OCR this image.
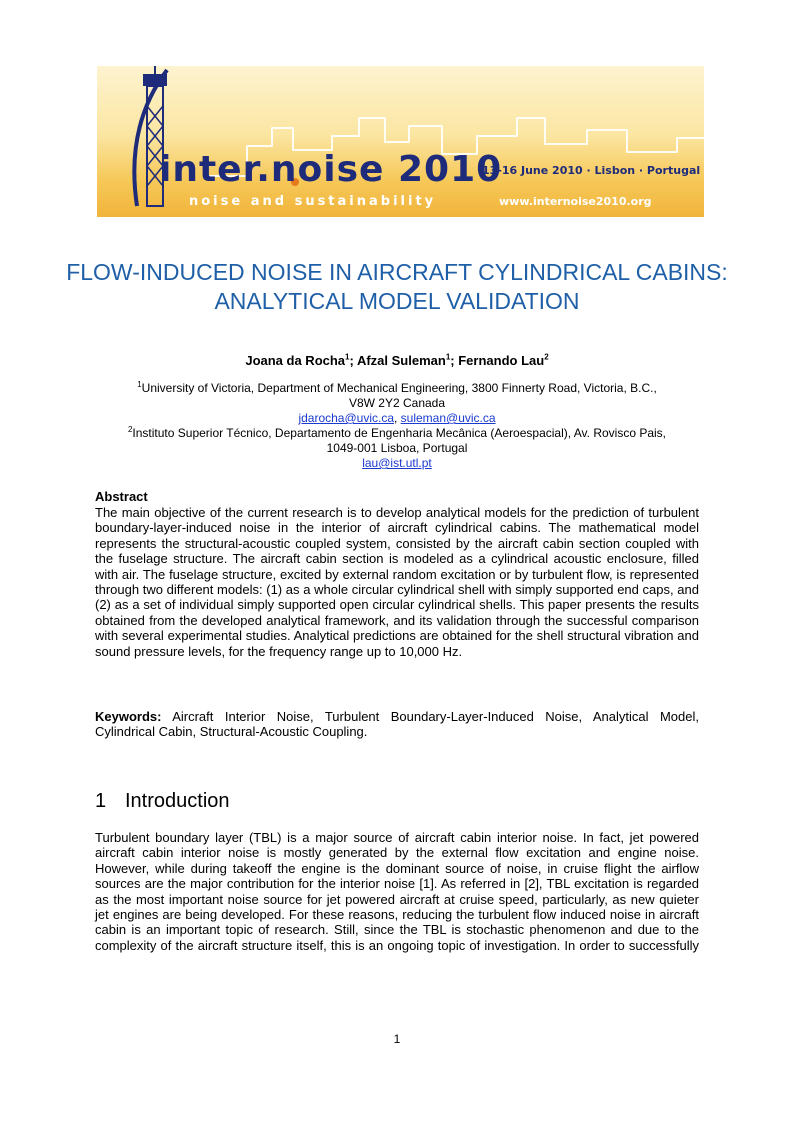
inter.noise 2010

noise and sustainability

13-16 June 2010 · Lisbon · Portugal

www.internoise2010.org

FLOW-INDUCED NOISE IN AIRCRAFT CYLINDRICAL CABINS: ANALYTICAL MODEL VALIDATION

Joana da Rocha$^1$; Afzal Suleman$^1$; Fernando Lau$^2$

$^1$University of Victoria, Department of Mechanical Engineering, 3800 Finnerty Road, Victoria, B.C.,

V8W 2Y2 Canada

jdarocha@uvic.ca, suleman@uvic.ca

$^2$Instituto Superior Técnico, Departamento de Engenharia Mecânica (Aeroespacial), Av. Rovisco Pais,

1049-001 Lisboa, Portugal

lau@ist.utl.pt

Abstract

The main objective of the current research is to develop analytical models for the prediction of turbulent boundary-layer-induced noise in the interior of aircraft cylindrical cabins. The mathematical model represents the structural-acoustic coupled system, consisted by the aircraft cabin section coupled with the fuselage structure. The aircraft cabin section is modeled as a cylindrical acoustic enclosure, filled with air. The fuselage structure, excited by external random excitation or by turbulent flow, is represented through two different models: (1) as a whole circular cylindrical shell with simply supported end caps, and (2) as a set of individual simply supported open circular cylindrical shells. This paper presents the results obtained from the developed analytical framework, and its validation through the successful comparison with several experimental studies. Analytical predictions are obtained for the shell structural vibration and sound pressure levels, for the frequency range up to 10,000 Hz.

Keywords: Aircraft Interior Noise, Turbulent Boundary-Layer-Induced Noise, Analytical Model, Cylindrical Cabin, Structural-Acoustic Coupling.

1 Introduction

Turbulent boundary layer (TBL) is a major source of aircraft cabin interior noise. In fact, jet powered aircraft cabin interior noise is mostly generated by the external flow excitation and engine noise. However, while during takeoff the engine is the dominant source of noise, in cruise flight the airflow sources are the major contribution for the interior noise [1]. As referred in [2], TBL excitation is regarded as the most important noise source for jet powered aircraft at cruise speed, particularly, as new quieter jet engines are being developed. For these reasons, reducing the turbulent flow induced noise in aircraft cabin is an important topic of research. Still, since the TBL is stochastic phenomenon and due to the complexity of the aircraft structure itself, this is an ongoing topic of investigation. In order to successfully

1
